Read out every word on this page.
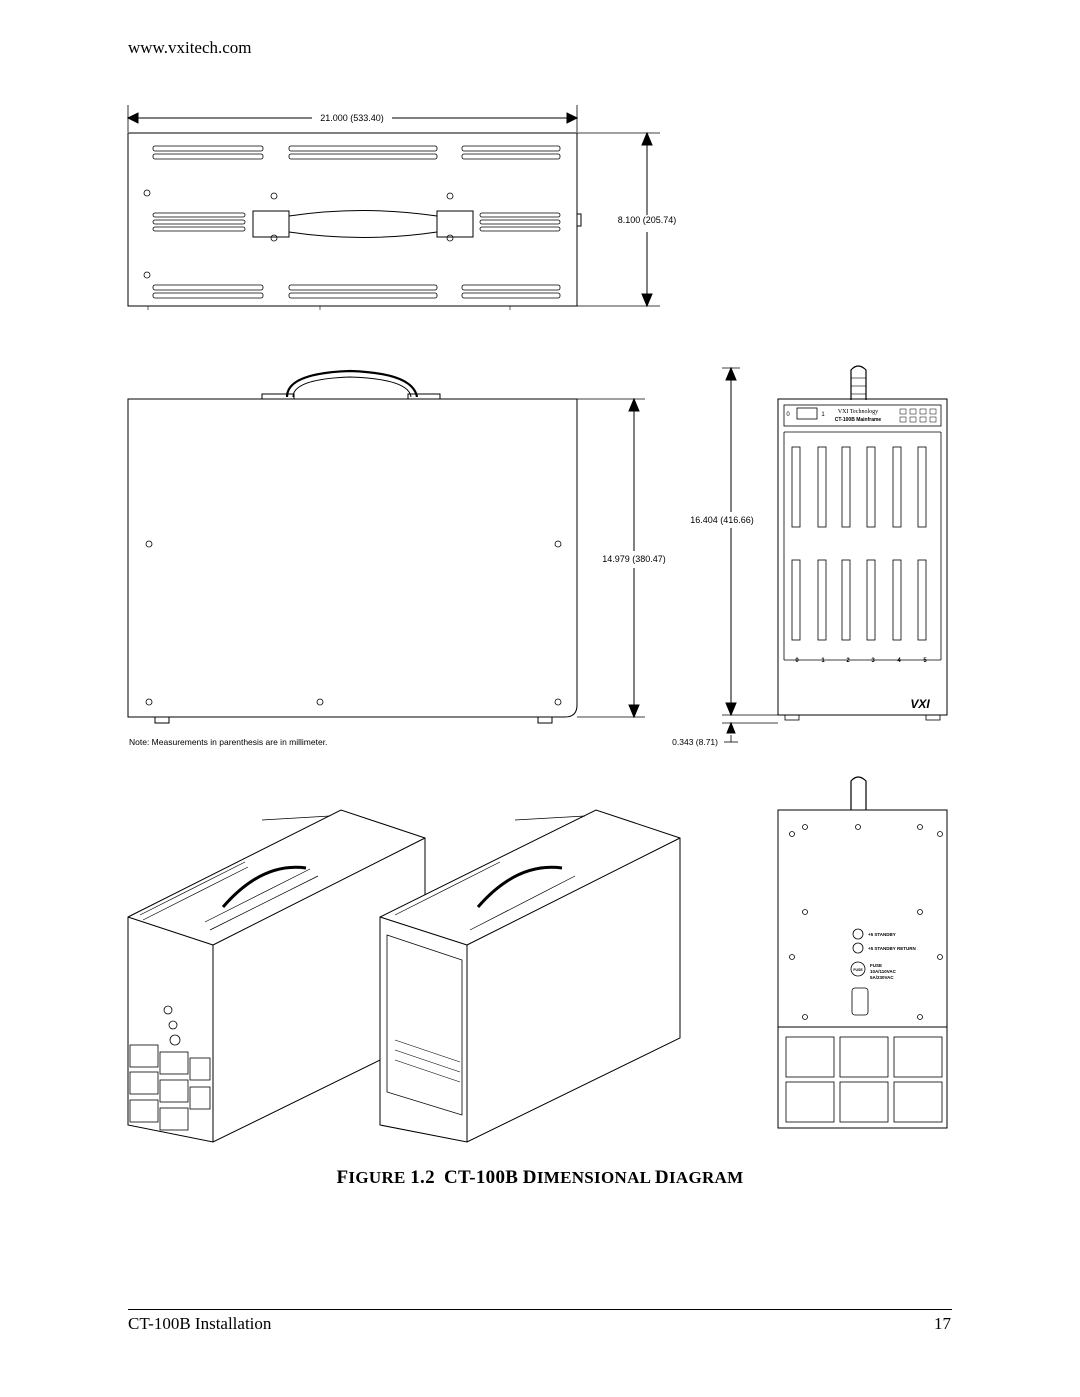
www.vxitech.com
21.000 (533.40)
8.100 (205.74)
14.979 (380.47)
Note: Measurements in parenthesis are in millimeter.
16.404 (416.66)
0.343 (8.71)
0	1 VXI Technology
CT-100B Mainframe
0	1	2	3	4	5
VXI
+5 STANDBY
+5 STANDBY RETURN
FUSE
FUSE
10A/110VAC
5A/230VAC
FIGURE 1.2 CT-100B DIMENSIONAL DIAGRAM
CT-100B Installation	17
